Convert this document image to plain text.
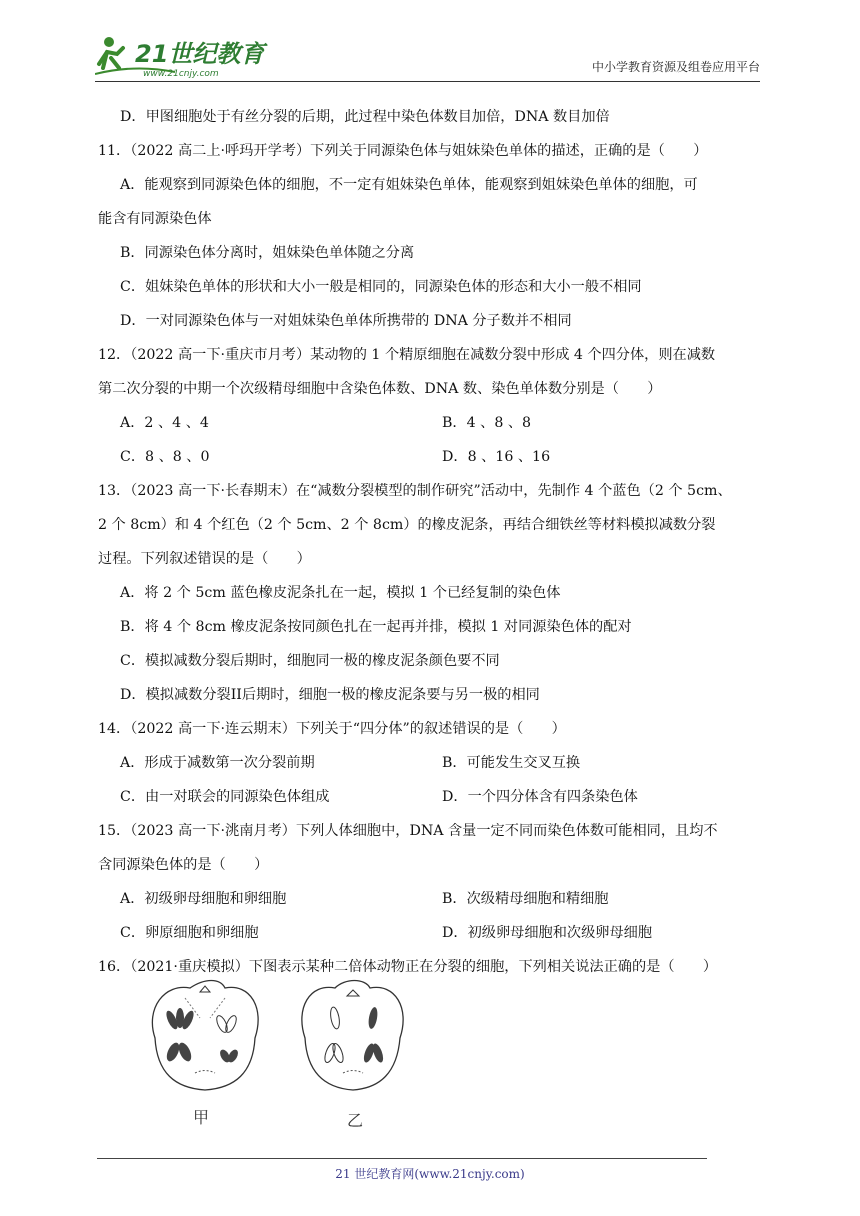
21世纪教育
www.21cnjy.com	中小学教育资源及组卷应用平台
D．甲图细胞处于有丝分裂的后期，此过程中染色体数目加倍，DNA 数目加倍
11．（2022 高二上·呼玛开学考）下列关于同源染色体与姐妹染色单体的描述，正确的是（　　）
A．能观察到同源染色体的细胞，不一定有姐妹染色单体，能观察到姐妹染色单体的细胞，可
能含有同源染色体
B．同源染色体分离时，姐妹染色单体随之分离
C．姐妹染色单体的形状和大小一般是相同的，同源染色体的形态和大小一般不相同
D．一对同源染色体与一对姐妹染色单体所携带的 DNA 分子数并不相同
12．（2022 高一下·重庆市月考）某动物的 1 个精原细胞在减数分裂中形成 4 个四分体，则在减数
第二次分裂的中期一个次级精母细胞中含染色体数、DNA 数、染色单体数分别是（　　）
A．2 、4 、4	B．4 、8 、8
C．8 、8 、0	D．8 、16 、16
13．（2023 高一下·长春期末）在“减数分裂模型的制作研究”活动中，先制作 4 个蓝色（2 个 5cm、
2 个 8cm）和 4 个红色（2 个 5cm、2 个 8cm）的橡皮泥条，再结合细铁丝等材料模拟减数分裂
过程。下列叙述错误的是（　　）
A．将 2 个 5cm 蓝色橡皮泥条扎在一起，模拟 1 个已经复制的染色体
B．将 4 个 8cm 橡皮泥条按同颜色扎在一起再并排，模拟 1 对同源染色体的配对
C．模拟减数分裂后期时，细胞同一极的橡皮泥条颜色要不同
D．模拟减数分裂II后期时，细胞一极的橡皮泥条要与另一极的相同
14．（2022 高一下·连云期末）下列关于“四分体”的叙述错误的是（　　）
A．形成于减数第一次分裂前期	B．可能发生交叉互换
C．由一对联会的同源染色体组成	D．一个四分体含有四条染色体
15．（2023 高一下·洮南月考）下列人体细胞中，DNA 含量一定不同而染色体数可能相同，且均不
含同源染色体的是（　　）
A．初级卵母细胞和卵细胞	B．次级精母细胞和精细胞
C．卵原细胞和卵细胞	D．初级卵母细胞和次级卵母细胞
16．（2021·重庆模拟）下图表示某种二倍体动物正在分裂的细胞，下列相关说法正确的是（　　）
甲	乙
21 世纪教育网(www.21cnjy.com)
